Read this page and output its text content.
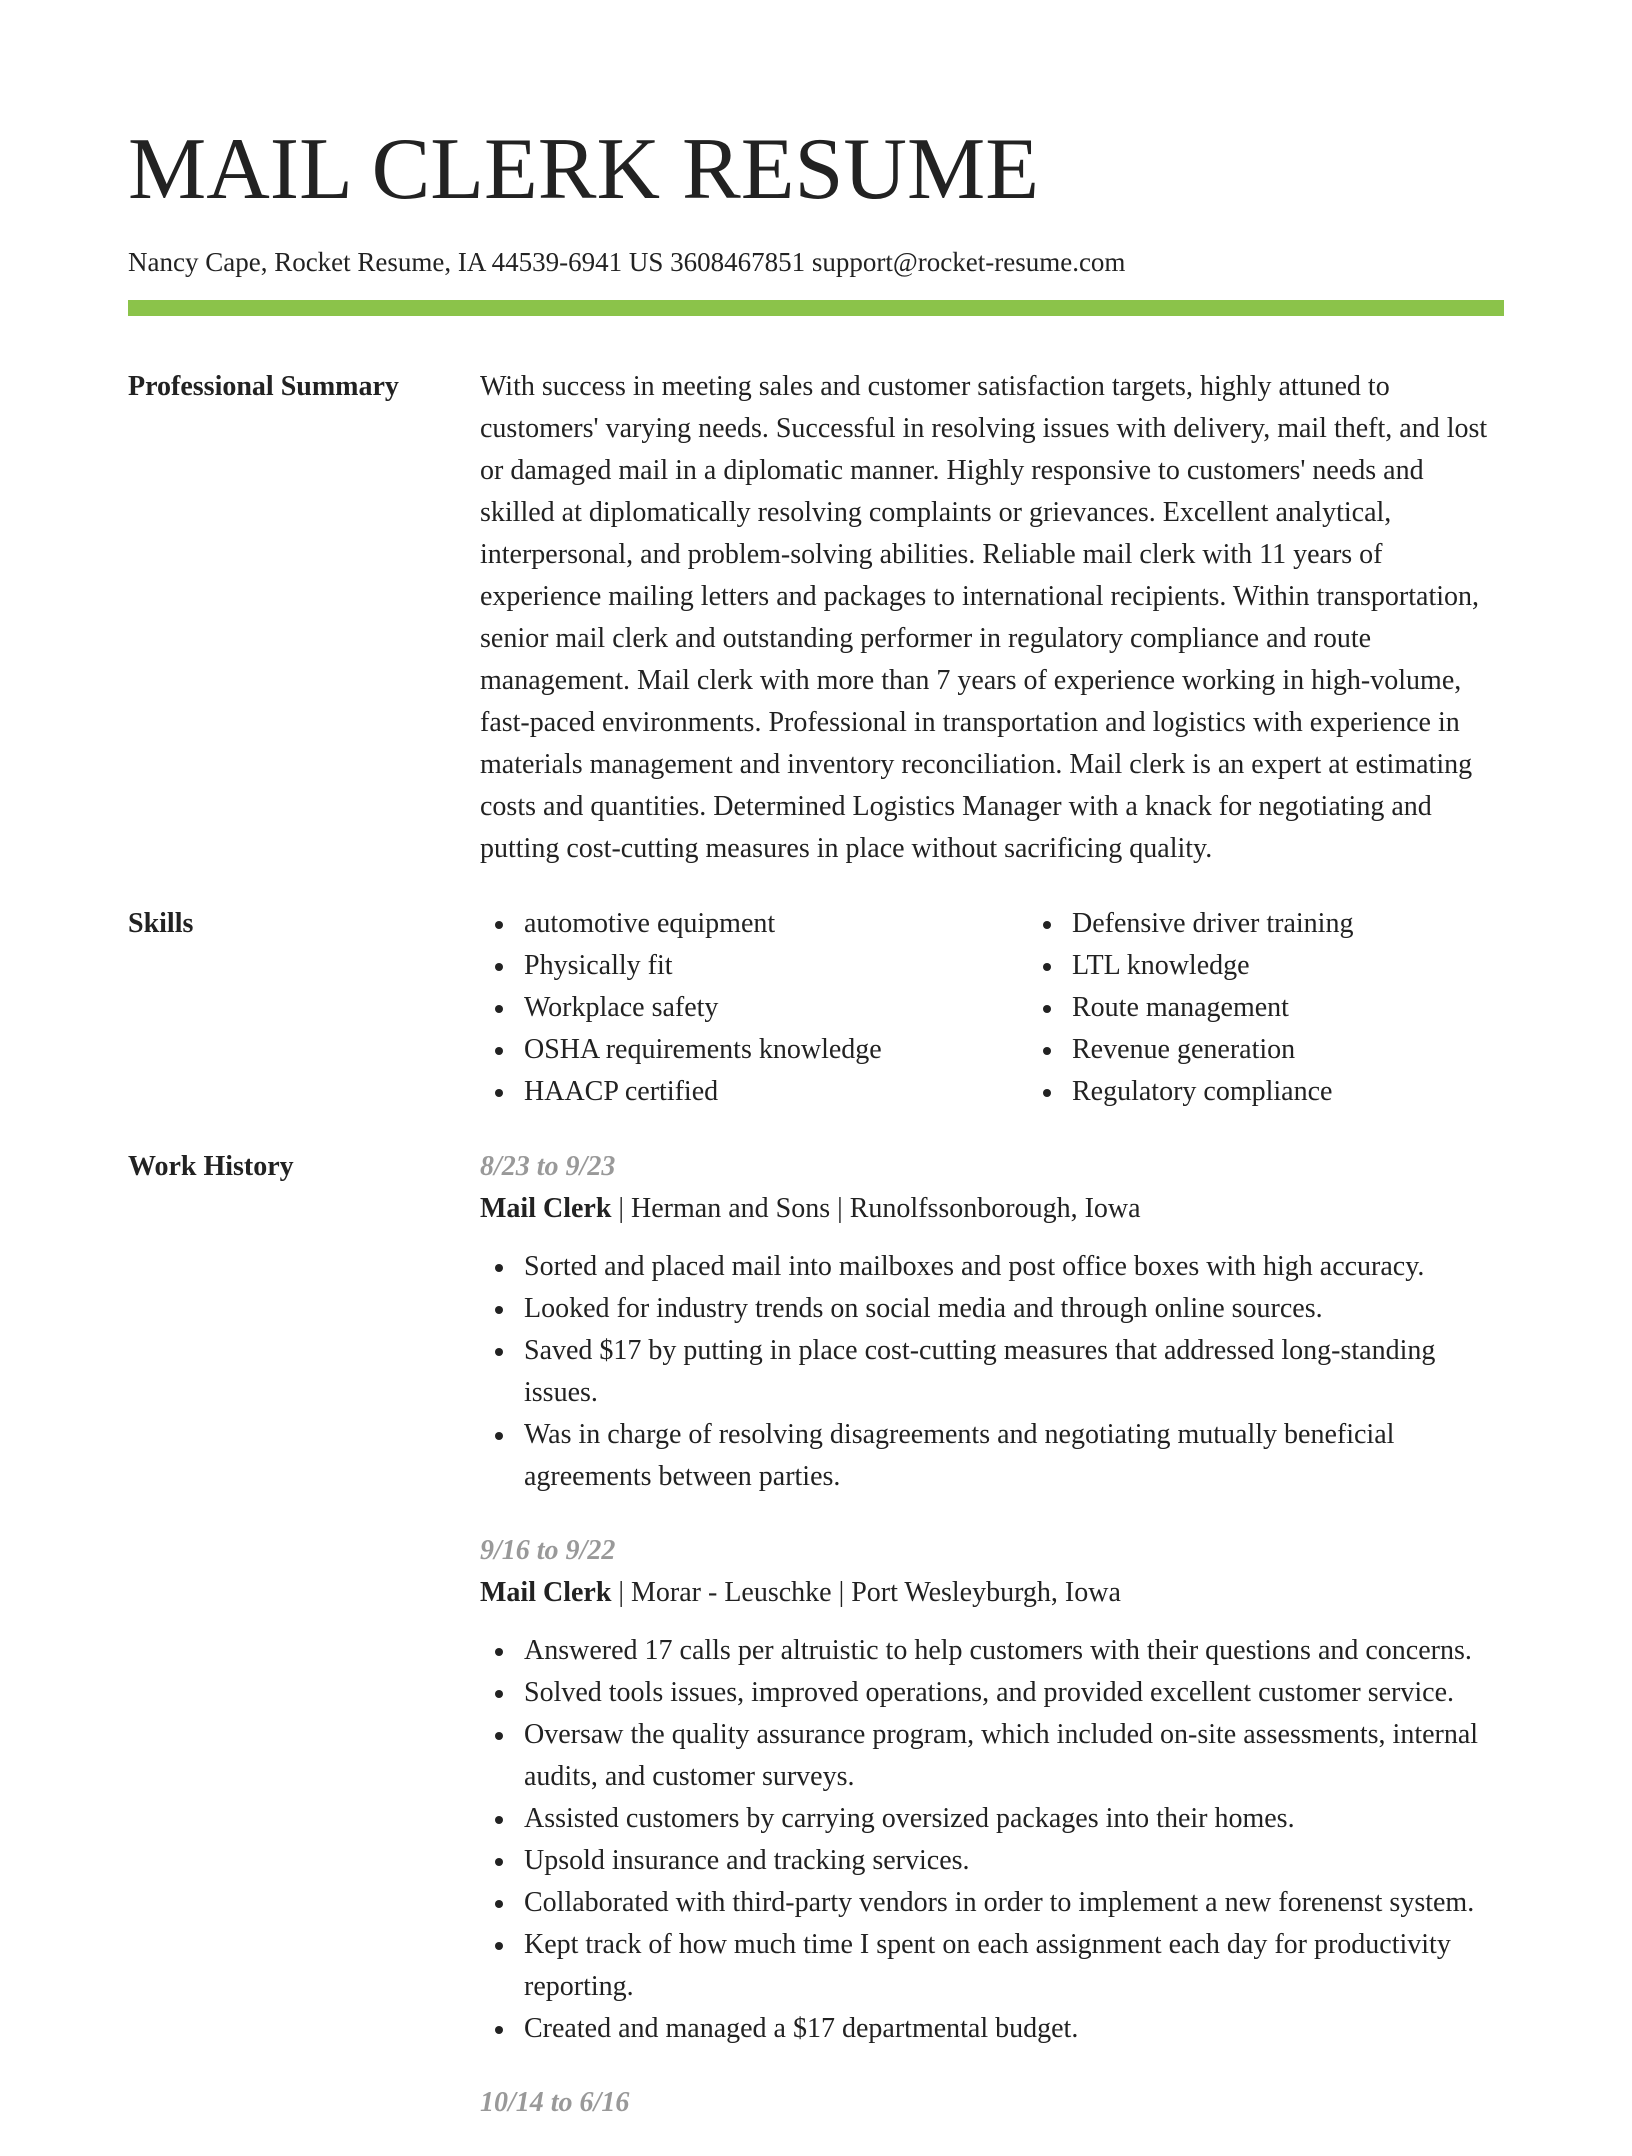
MAIL CLERK RESUME
Nancy Cape, Rocket Resume, IA 44539-6941 US 3608467851 support@rocket-resume.com
Professional Summary	With success in meeting sales and customer satisfaction targets, highly attuned to customers' varying needs. Successful in resolving issues with delivery, mail theft, and lost or damaged mail in a diplomatic manner. Highly responsive to customers' needs and skilled at diplomatically resolving complaints or grievances. Excellent analytical, interpersonal, and problem-solving abilities. Reliable mail clerk with 11 years of experience mailing letters and packages to international recipients. Within transportation, senior mail clerk and outstanding performer in regulatory compliance and route management. Mail clerk with more than 7 years of experience working in high-volume, fast-paced environments. Professional in transportation and logistics with experience in materials management and inventory reconciliation. Mail clerk is an expert at estimating costs and quantities. Determined Logistics Manager with a knack for negotiating and putting cost-cutting measures in place without sacrificing quality.

Skills	automotive equipment
Physically fit
Workplace safety
OSHA requirements knowledge
HAACP certified
Defensive driver training
LTL knowledge
Route management
Revenue generation
Regulatory compliance
Work History	8/23 to 9/23
Mail Clerk | Herman and Sons | Runolfssonborough, Iowa
Sorted and placed mail into mailboxes and post office boxes with high accuracy.
Looked for industry trends on social media and through online sources.
Saved $17 by putting in place cost-cutting measures that addressed long-standing issues.
Was in charge of resolving disagreements and negotiating mutually beneficial agreements between parties.
9/16 to 9/22
Mail Clerk | Morar - Leuschke | Port Wesleyburgh, Iowa
Answered 17 calls per altruistic to help customers with their questions and concerns.
Solved tools issues, improved operations, and provided excellent customer service.
Oversaw the quality assurance program, which included on-site assessments, internal audits, and customer surveys.
Assisted customers by carrying oversized packages into their homes.
Upsold insurance and tracking services.
Collaborated with third-party vendors in order to implement a new forenenst system.
Kept track of how much time I spent on each assignment each day for productivity reporting.
Created and managed a $17 departmental budget.
10/14 to 6/16
